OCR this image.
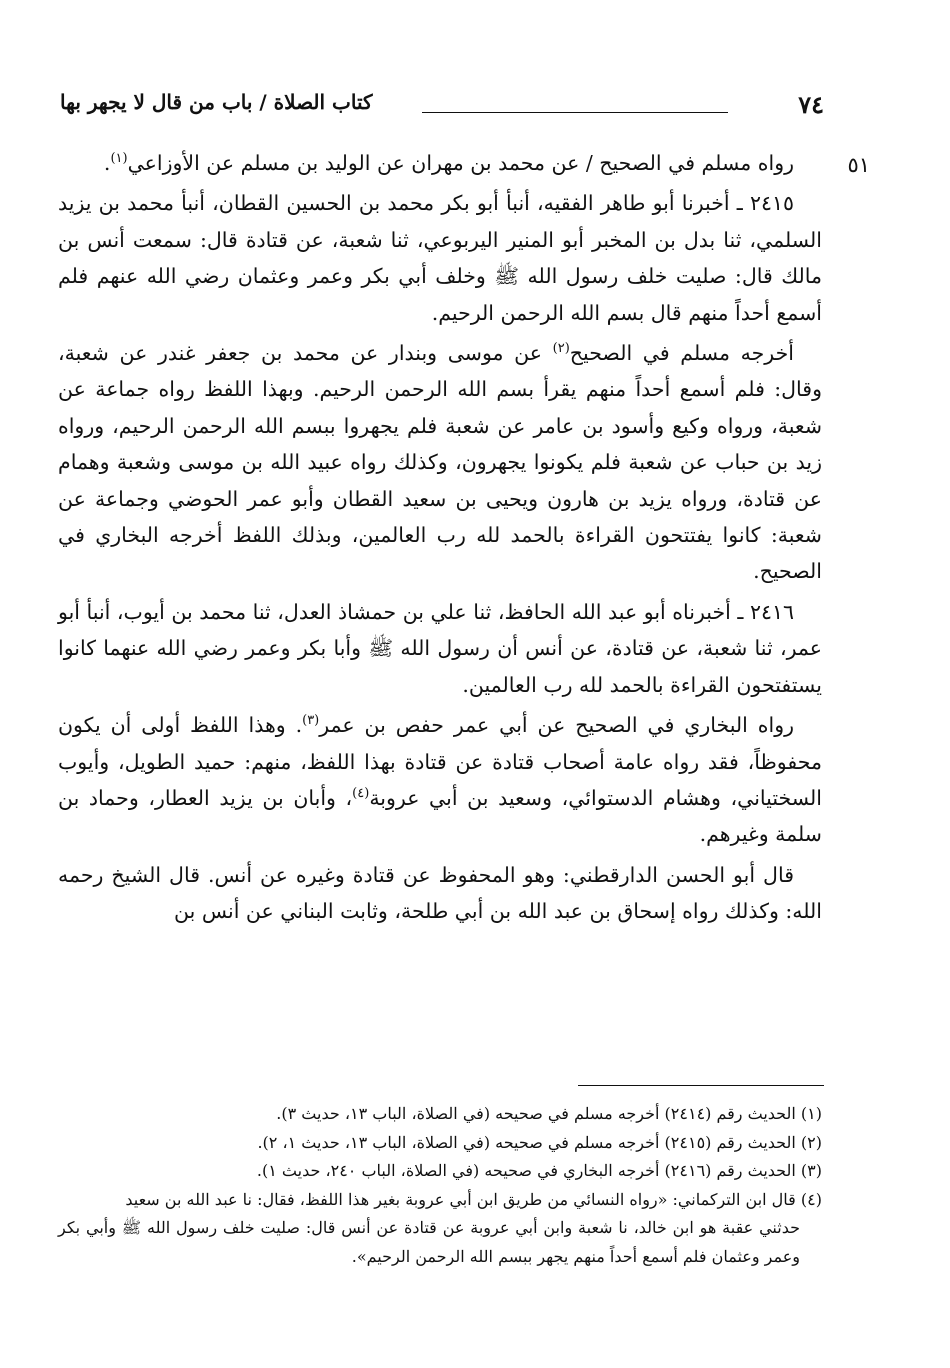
٧٤
كتاب الصلاة / باب من قال لا يجهر بها
٥١

رواه مسلم في الصحيح / عن محمد بن مهران عن الوليد بن مسلم عن الأوزاعي$^{(١)}$.

٢٤١٥ ـ أخبرنا أبو طاهر الفقيه، أنبأ أبو بكر محمد بن الحسين القطان، أنبأ محمد بن يزيد السلمي، ثنا بدل بن المخبر أبو المنير اليربوعي، ثنا شعبة، عن قتادة قال: سمعت أنس بن مالك قال: صليت خلف رسول الله ﷺ وخلف أبي بكر وعمر وعثمان رضي الله عنهم فلم أسمع أحداً منهم قال بسم الله الرحمن الرحيم.

أخرجه مسلم في الصحيح$^{(٢)}$ عن موسى وبندار عن محمد بن جعفر غندر عن شعبة، وقال: فلم أسمع أحداً منهم يقرأ بسم الله الرحمن الرحيم. وبهذا اللفظ رواه جماعة عن شعبة، ورواه وكيع وأسود بن عامر عن شعبة فلم يجهروا ببسم الله الرحمن الرحيم، ورواه زيد بن حباب عن شعبة فلم يكونوا يجهرون، وكذلك رواه عبيد الله بن موسى وشعبة وهمام عن قتادة، ورواه يزيد بن هارون ويحيى بن سعيد القطان وأبو عمر الحوضي وجماعة عن شعبة: كانوا يفتتحون القراءة بالحمد لله رب العالمين، وبذلك اللفظ أخرجه البخاري في الصحيح.

٢٤١٦ ـ أخبرناه أبو عبد الله الحافظ، ثنا علي بن حمشاذ العدل، ثنا محمد بن أيوب، أنبأ أبو عمر، ثنا شعبة، عن قتادة، عن أنس أن رسول الله ﷺ وأبا بكر وعمر رضي الله عنهما كانوا يستفتحون القراءة بالحمد لله رب العالمين.

رواه البخاري في الصحيح عن أبي عمر حفص بن عمر$^{(٣)}$. وهذا اللفظ أولى أن يكون محفوظاً، فقد رواه عامة أصحاب قتادة عن قتادة بهذا اللفظ، منهم: حميد الطويل، وأيوب السختياني، وهشام الدستوائي، وسعيد بن أبي عروبة$^{(٤)}$، وأبان بن يزيد العطار، وحماد بن سلمة وغيرهم.

قال أبو الحسن الدارقطني: وهو المحفوظ عن قتادة وغيره عن أنس. قال الشيخ رحمه الله: وكذلك رواه إسحاق بن عبد الله بن أبي طلحة، وثابت البناني عن أنس بن

(١) الحديث رقم (٢٤١٤) أخرجه مسلم في صحيحه (في الصلاة، الباب ١٣، حديث ٣).

(٢) الحديث رقم (٢٤١٥) أخرجه مسلم في صحيحه (في الصلاة، الباب ١٣، حديث ١، ٢).

(٣) الحديث رقم (٢٤١٦) أخرجه البخاري في صحيحه (في الصلاة، الباب ٢٤٠، حديث ١).

(٤) قال ابن التركماني: «رواه النسائي من طريق ابن أبي عروبة بغير هذا اللفظ، فقال: نا عبد الله بن سعيد

حدثني عقبة هو ابن خالد، نا شعبة وابن أبي عروبة عن قتادة عن أنس قال: صليت خلف رسول الله ﷺ وأبي بكر وعمر وعثمان فلم أسمع أحداً منهم يجهر ببسم الله الرحمن الرحيم».
